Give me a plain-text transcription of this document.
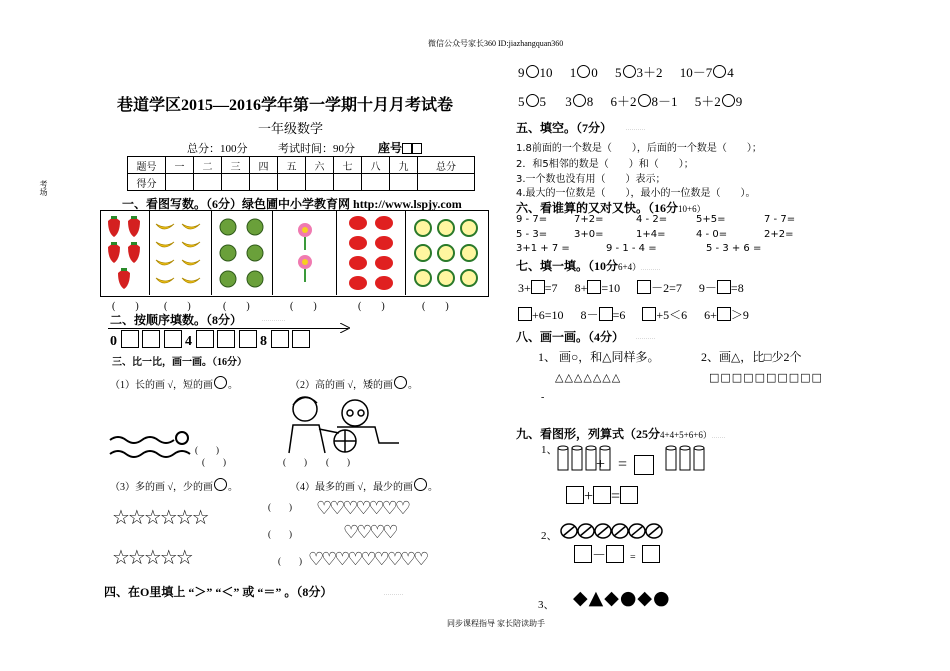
微信公众号家长360 ID:jiazhangquan360
同步课程指导 家长陪读助手
考场
巷道学区2015—2016学年第一学期十月月考试卷
一年级数学
总分：100分	考试时间：90分 座号
题号	一	二	三	四	五	六	七	八	九	总分
得分										
一、看图写数。（6分）绿色圃中小学教育网 http://www.lspjy.com
(　　)	(　　)	(　　)	(　　)	(　　)	(　　)
二、按顺序填数。（8分）	............
0	4	8
三、比一比，画一画。（16分）
（1）长的画 √，短的画 。	（2）高的画 √，矮的画 。
(　　)
(　　)	(　　) (　　)
（3）多的画 √，少的画 。	（4）最多的画 √，最少的画 。
☆☆☆☆☆☆
☆☆☆☆☆
(　　)
(　　)
(　　)
♡♡♡♡♡♡♡
♡♡♡♡
♡♡♡♡♡♡♡♡♡
四、在O里填上 “＞” “＜” 或 “＝” 。（8分）	..........
9 10 1 0 5 3＋2 10－7 4
5 5 3 8 6＋2 8－1 5＋2 9
五、填空。（7分）	..........
1.8前面的一个数是（　　），后面的一个数是（　　）；
2．和5相邻的数是（　　）和（　　）；
3.一个数也没有用（　　）表示；
4.最大的一位数是（　　），最小的一位数是（　　）。
六、看谁算的又对又快。（16分10+6）
9 - 7=	7+2=	4 - 2=	5+5=	7 - 7=
5 - 3=	3+0=	1+4=	4 - 0=	2+2=
3+1 + 7 =	9 - 1 - 4 =	5 - 3 + 6 =
七、填一填。（10分6+4）..........
3+ =7 8+ =10	－2=7 9－ =8
+6=10 8－ =6	+5＜6 6+ ＞9
八、画一画。（4分）	..........
1、 画○，和△同样多。	2、画△，比□少2个
△△△△△△△	□□□□□□□□□□
-
九、看图形，列算式（25分4+4+5+6+6）.......
1、
+ =
+ =
2、
－ =
3、 ◆▲◆●◆●
